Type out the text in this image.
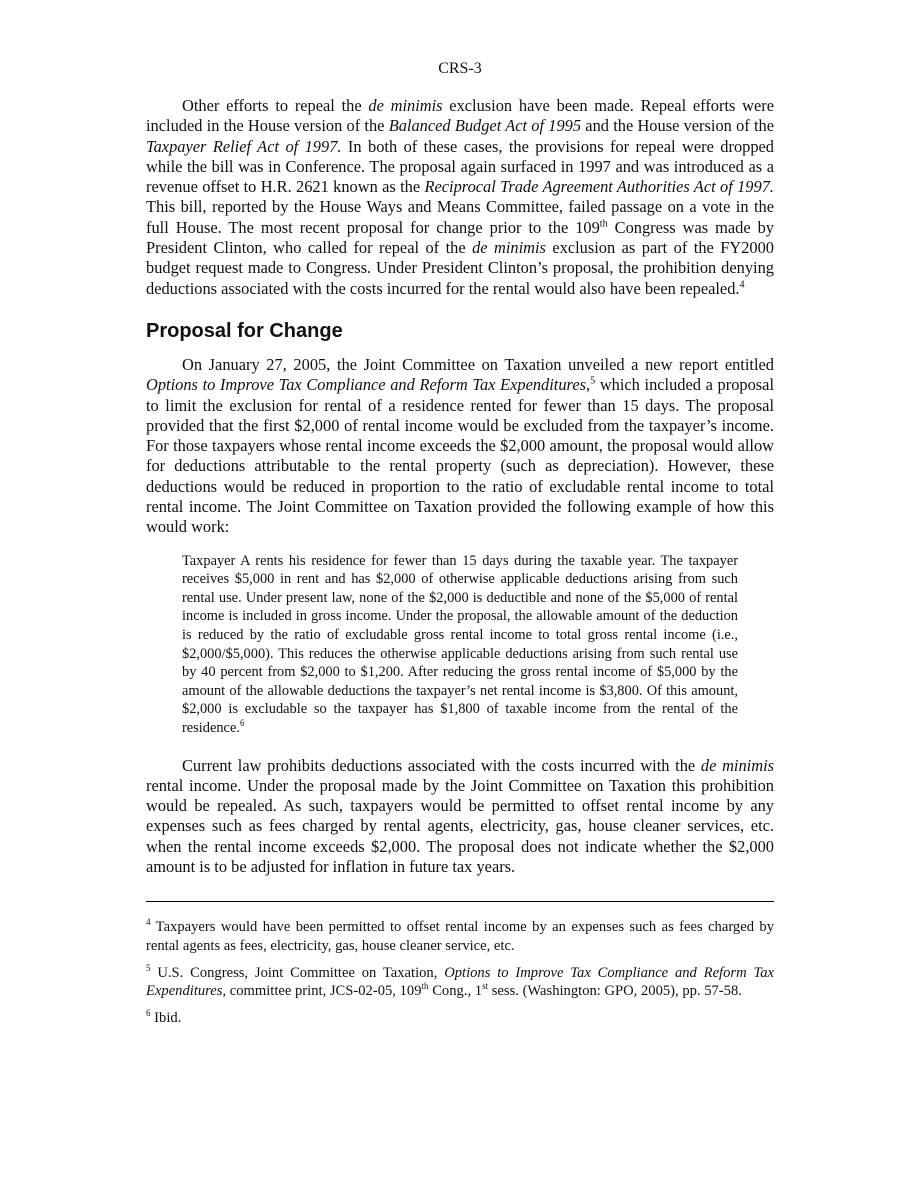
CRS-3

Other efforts to repeal the de minimis exclusion have been made. Repeal efforts were included in the House version of the Balanced Budget Act of 1995 and the House version of the Taxpayer Relief Act of 1997. In both of these cases, the provisions for repeal were dropped while the bill was in Conference. The proposal again surfaced in 1997 and was introduced as a revenue offset to H.R. 2621 known as the Reciprocal Trade Agreement Authorities Act of 1997. This bill, reported by the House Ways and Means Committee, failed passage on a vote in the full House. The most recent proposal for change prior to the 109th Congress was made by President Clinton, who called for repeal of the de minimis exclusion as part of the FY2000 budget request made to Congress. Under President Clinton’s proposal, the prohibition denying deductions associated with the costs incurred for the rental would also have been repealed.$^4$

Proposal for Change

On January 27, 2005, the Joint Committee on Taxation unveiled a new report entitled Options to Improve Tax Compliance and Reform Tax Expenditures,$^5$ which included a proposal to limit the exclusion for rental of a residence rented for fewer than 15 days. The proposal provided that the first $2,000 of rental income would be excluded from the taxpayer’s income. For those taxpayers whose rental income exceeds the $2,000 amount, the proposal would allow for deductions attributable to the rental property (such as depreciation). However, these deductions would be reduced in proportion to the ratio of excludable rental income to total rental income. The Joint Committee on Taxation provided the following example of how this would work:

Taxpayer A rents his residence for fewer than 15 days during the taxable year. The taxpayer receives $5,000 in rent and has $2,000 of otherwise applicable deductions arising from such rental use. Under present law, none of the $2,000 is deductible and none of the $5,000 of rental income is included in gross income. Under the proposal, the allowable amount of the deduction is reduced by the ratio of excludable gross rental income to total gross rental income (i.e., $2,000/$5,000). This reduces the otherwise applicable deductions arising from such rental use by 40 percent from $2,000 to $1,200. After reducing the gross rental income of $5,000 by the amount of the allowable deductions the taxpayer’s net rental income is $3,800. Of this amount, $2,000 is excludable so the taxpayer has $1,800 of taxable income from the rental of the residence.$^6$

Current law prohibits deductions associated with the costs incurred with the de minimis rental income. Under the proposal made by the Joint Committee on Taxation this prohibition would be repealed. As such, taxpayers would be permitted to offset rental income by any expenses such as fees charged by rental agents, electricity, gas, house cleaner services, etc. when the rental income exceeds $2,000. The proposal does not indicate whether the $2,000 amount is to be adjusted for inflation in future tax years.

$^4$ Taxpayers would have been permitted to offset rental income by an expenses such as fees charged by rental agents as fees, electricity, gas, house cleaner service, etc.

$^5$ U.S. Congress, Joint Committee on Taxation, Options to Improve Tax Compliance and Reform Tax Expenditures, committee print, JCS-02-05, 109th Cong., 1st sess. (Washington: GPO, 2005), pp. 57-58.

$^6$ Ibid.
